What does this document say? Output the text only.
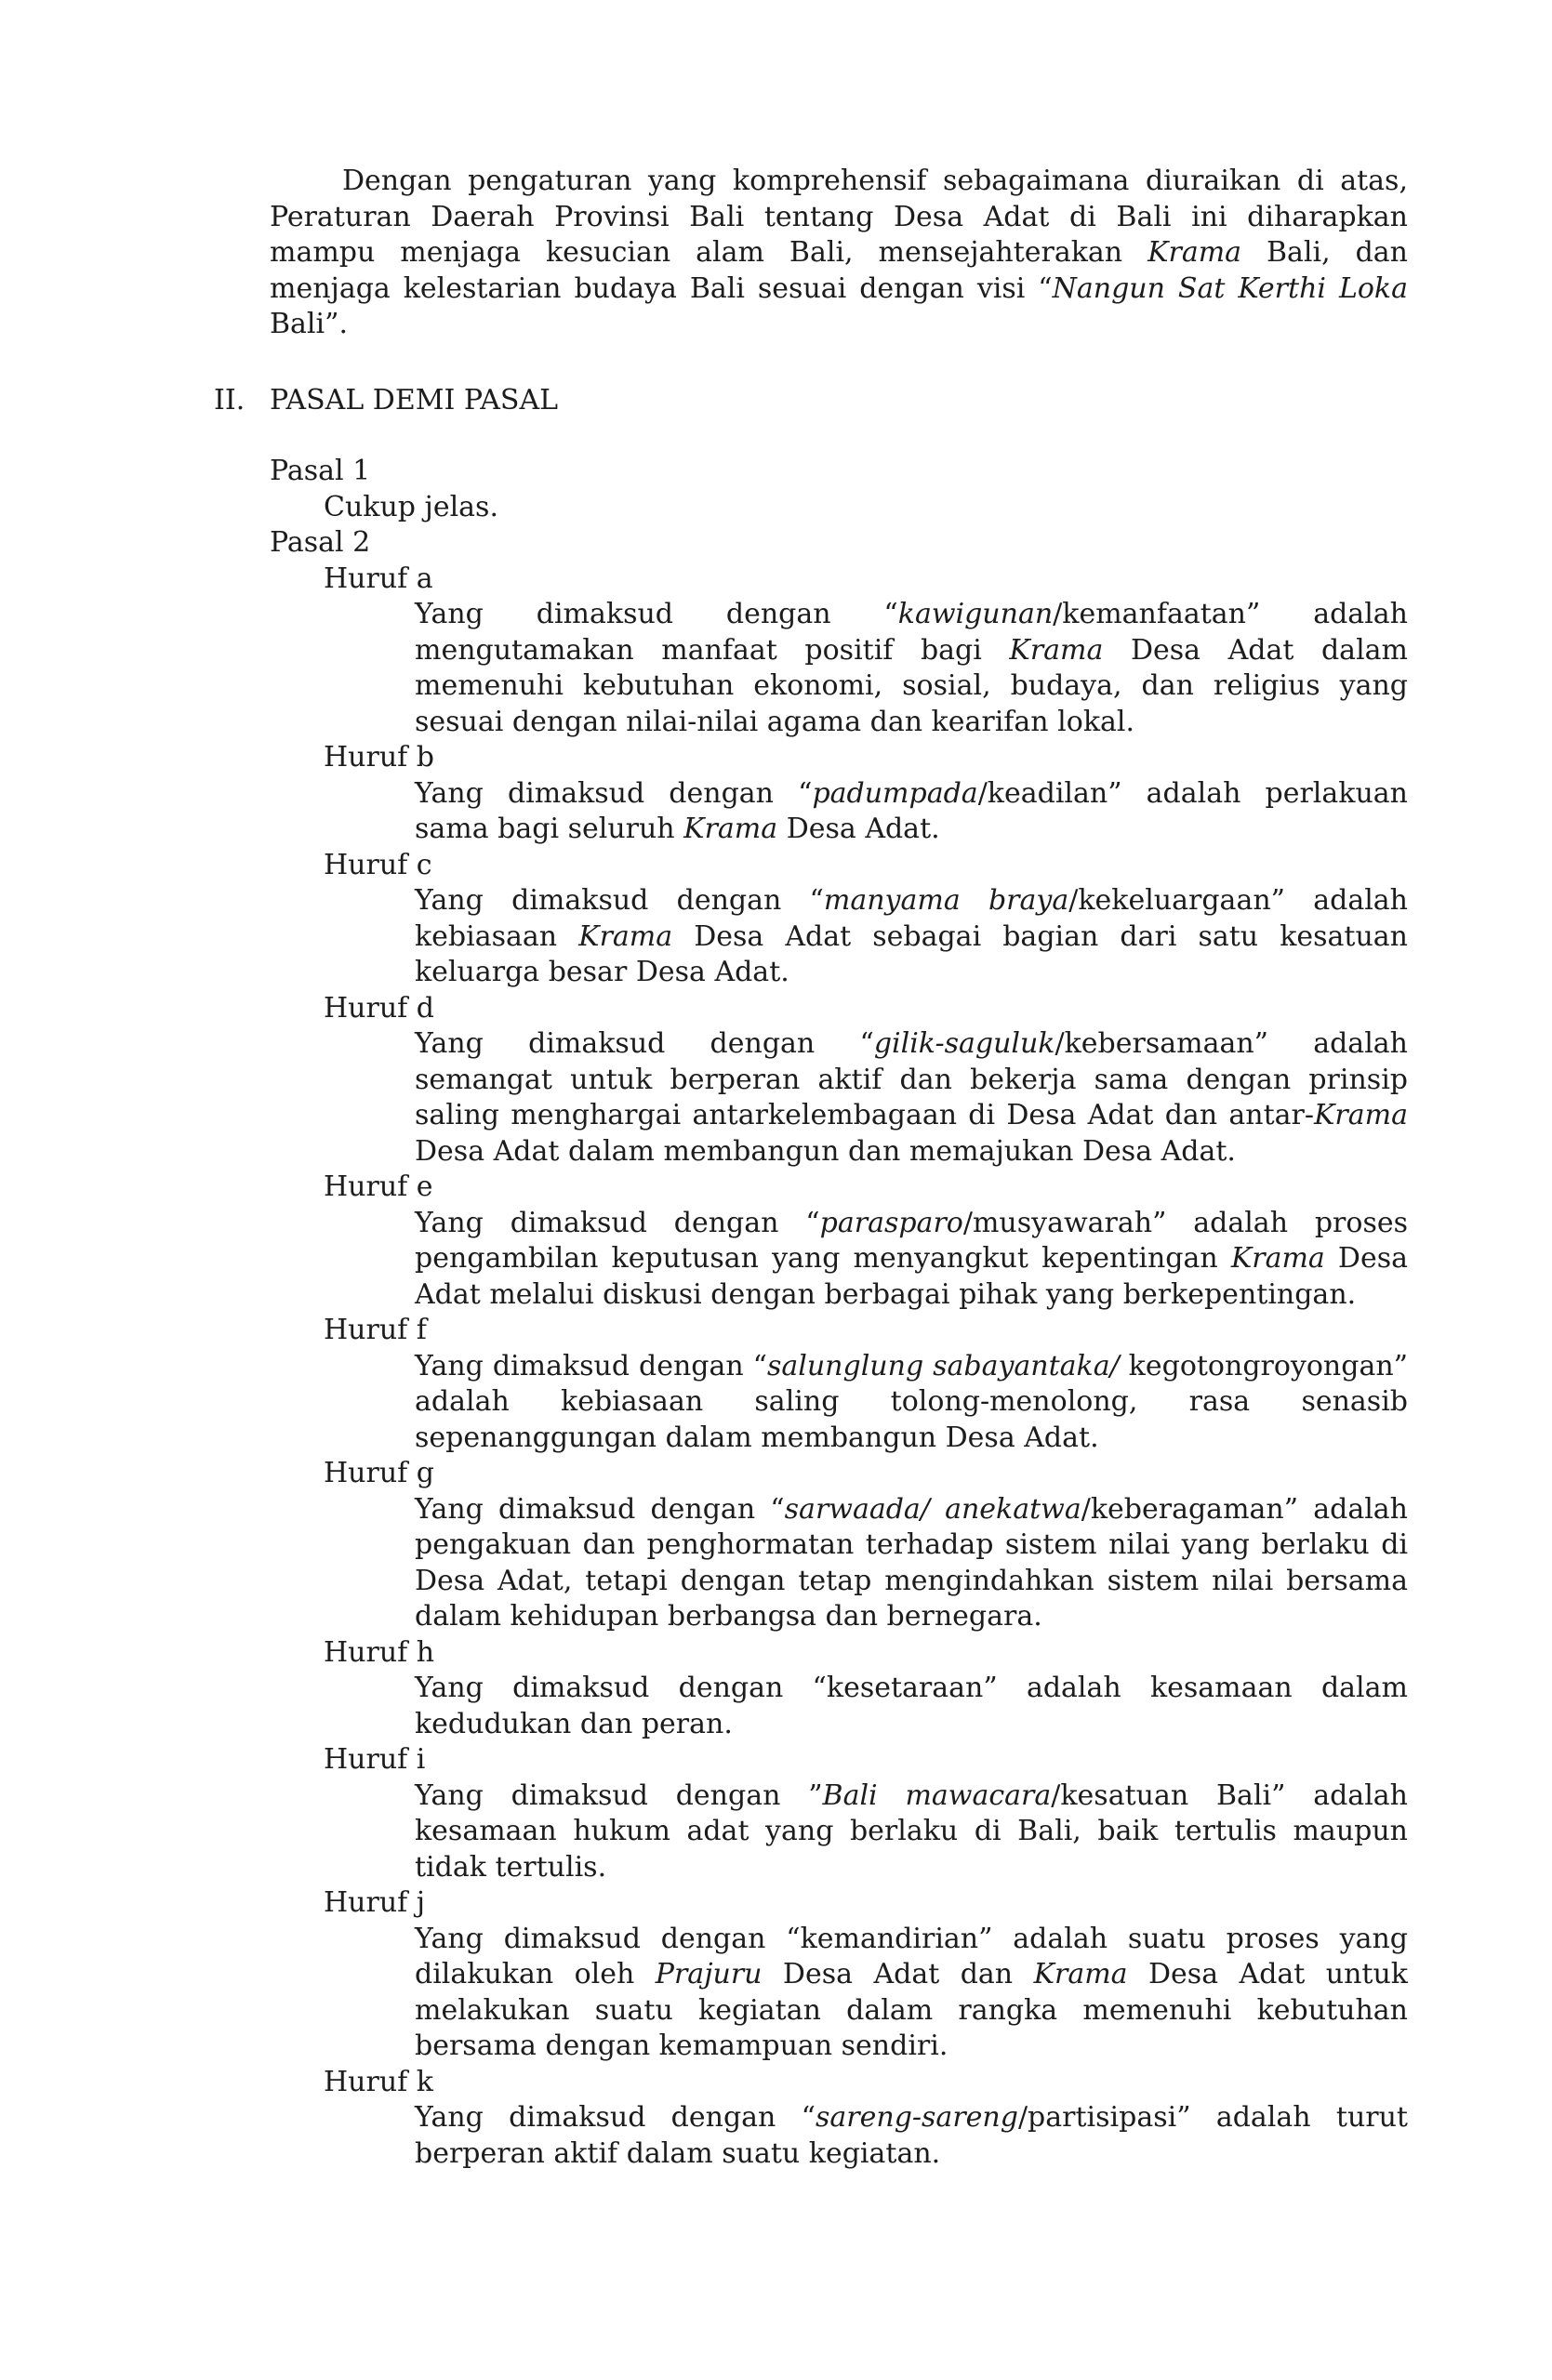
Dengan pengaturan yang komprehensif sebagaimana diuraikan di atas, Peraturan Daerah Provinsi Bali tentang Desa Adat di Bali ini diharapkan mampu menjaga kesucian alam Bali, mensejahterakan Krama Bali, dan menjaga kelestarian budaya Bali sesuai dengan visi “Nangun Sat Kerthi Loka Bali”.

II. PASAL DEMI PASAL

Pasal 1

Cukup jelas.

Pasal 2

Huruf a

Yang dimaksud dengan “kawigunan/kemanfaatan” adalah mengutamakan manfaat positif bagi Krama Desa Adat dalam memenuhi kebutuhan ekonomi, sosial, budaya, dan religius yang sesuai dengan nilai-nilai agama dan kearifan lokal.

Huruf b

Yang dimaksud dengan “padumpada/keadilan” adalah perlakuan sama bagi seluruh Krama Desa Adat.

Huruf c

Yang dimaksud dengan “manyama braya/kekeluargaan” adalah kebiasaan Krama Desa Adat sebagai bagian dari satu kesatuan keluarga besar Desa Adat.

Huruf d

Yang dimaksud dengan “gilik-saguluk/kebersamaan” adalah semangat untuk berperan aktif dan bekerja sama dengan prinsip saling menghargai antarkelembagaan di Desa Adat dan antar-Krama Desa Adat dalam membangun dan memajukan Desa Adat.

Huruf e

Yang dimaksud dengan “parasparo/musyawarah” adalah proses pengambilan keputusan yang menyangkut kepentingan Krama Desa Adat melalui diskusi dengan berbagai pihak yang berkepentingan.

Huruf f

Yang dimaksud dengan “salunglung sabayantaka/ kegotongroyongan” adalah kebiasaan saling tolong-menolong, rasa senasib sepenanggungan dalam membangun Desa Adat.

Huruf g

Yang dimaksud dengan “sarwaada/ anekatwa/keberagaman” adalah pengakuan dan penghormatan terhadap sistem nilai yang berlaku di Desa Adat, tetapi dengan tetap mengindahkan sistem nilai bersama dalam kehidupan berbangsa dan bernegara.

Huruf h

Yang dimaksud dengan “kesetaraan” adalah kesamaan dalam kedudukan dan peran.

Huruf i

Yang dimaksud dengan ”Bali mawacara/kesatuan Bali” adalah kesamaan hukum adat yang berlaku di Bali, baik tertulis maupun tidak tertulis.

Huruf j

Yang dimaksud dengan “kemandirian” adalah suatu proses yang dilakukan oleh Prajuru Desa Adat dan Krama Desa Adat untuk melakukan suatu kegiatan dalam rangka memenuhi kebutuhan bersama dengan kemampuan sendiri.

Huruf k

Yang dimaksud dengan “sareng-sareng/partisipasi” adalah turut berperan aktif dalam suatu kegiatan.
